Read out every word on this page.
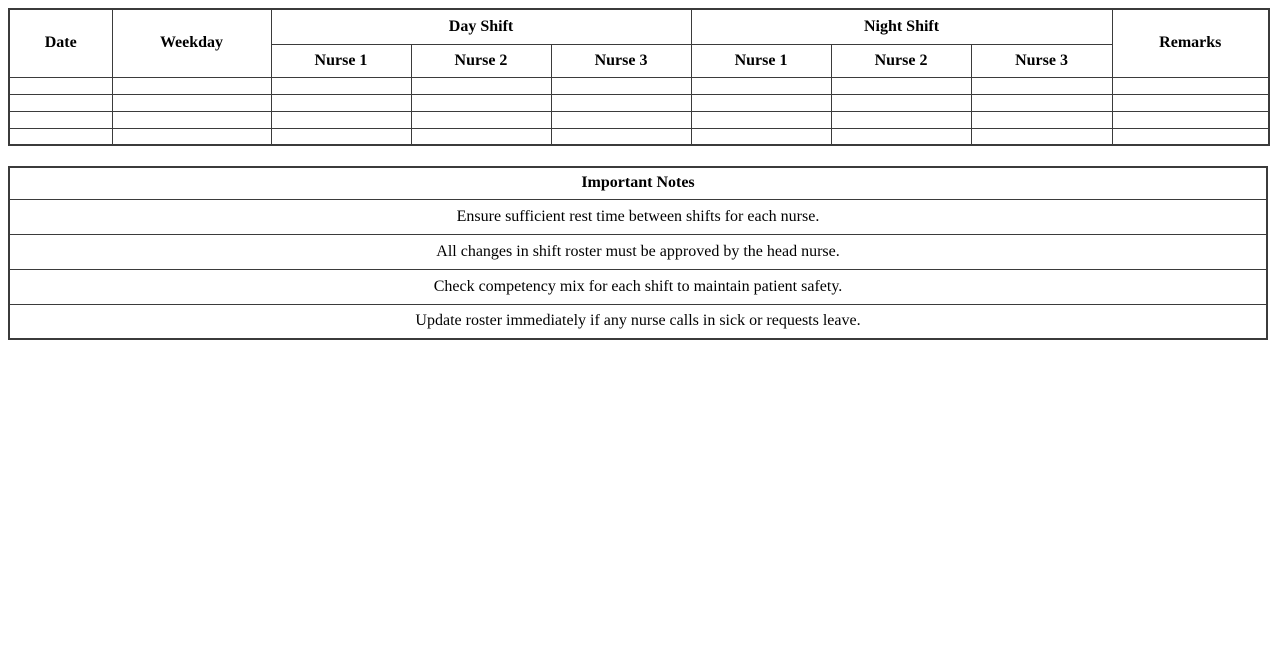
Date	Weekday	Day Shift			Night Shift			Remarks
		Nurse 1	Nurse 2	Nurse 3	Nurse 1	Nurse 2	Nurse 3	

Important Notes
Ensure sufficient rest time between shifts for each nurse.
All changes in shift roster must be approved by the head nurse.
Check competency mix for each shift to maintain patient safety.
Update roster immediately if any nurse calls in sick or requests leave.
